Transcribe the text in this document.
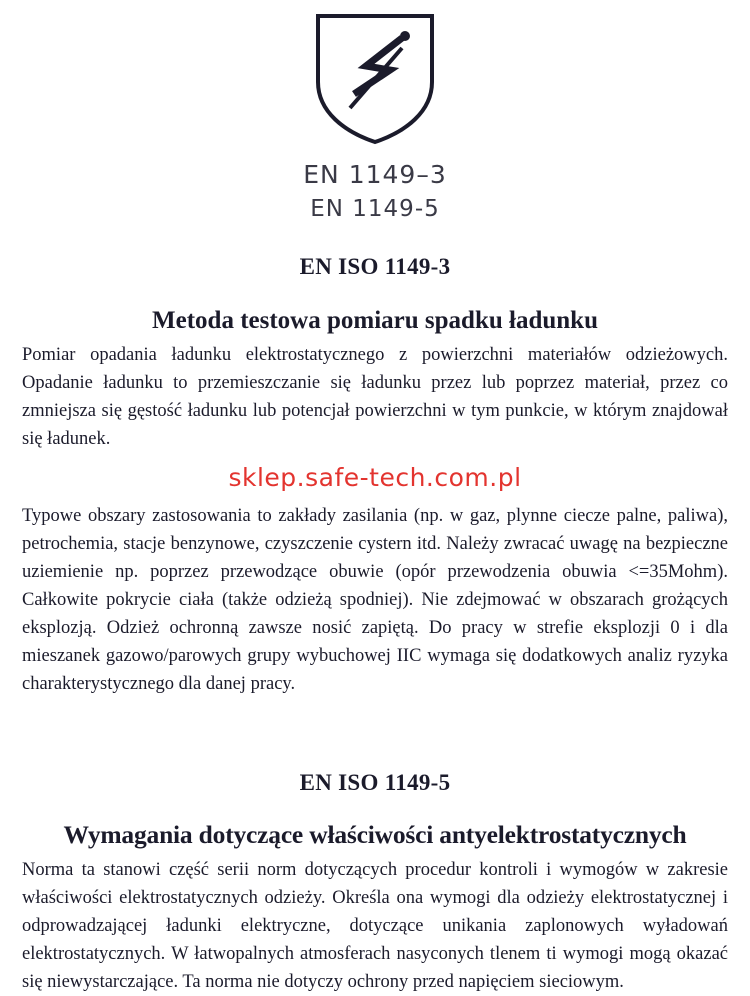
EN 1149–3
EN 1149-5
EN ISO 1149-3
Metoda testowa pomiaru spadku ładunku

Pomiar opadania ładunku elektrostatycznego z powierzchni materiałów odzieżowych. Opadanie ładunku to przemieszczanie się ładunku przez lub poprzez materiał, przez co zmniejsza się gęstość ładunku lub potencjał powierzchni w tym punkcie, w którym znajdował się ładunek.

sklep.safe-tech.com.pl

Typowe obszary zastosowania to zakłady zasilania (np. w gaz, plynne ciecze palne, paliwa), petrochemia, stacje benzynowe, czyszczenie cystern itd. Należy zwracać uwagę na bezpieczne uziemienie np. poprzez przewodzące obuwie (opór przewodzenia obuwia <=35Mohm). Całkowite pokrycie ciała (także odzieżą spodniej). Nie zdejmować w obszarach grożących eksplozją. Odzież ochronną zawsze nosić zapiętą. Do pracy w strefie eksplozji 0 i dla mieszanek gazowo/parowych grupy wybuchowej IIC wymaga się dodatkowych analiz ryzyka charakterystycznego dla danej pracy.

EN ISO 1149-5
Wymagania dotyczące właściwości antyelektrostatycznych

Norma ta stanowi część serii norm dotyczących procedur kontroli i wymogów w zakresie właściwości elektrostatycznych odzieży. Określa ona wymogi dla odzieży elektrostatycznej i odprowadzającej ładunki elektryczne, dotyczące unikania zaplonowych wyładowań elektrostatycznych. W łatwopalnych atmosferach nasyconych tlenem ti wymogi mogą okazać się niewystarczające. Ta norma nie dotyczy ochrony przed napięciem sieciowym.
